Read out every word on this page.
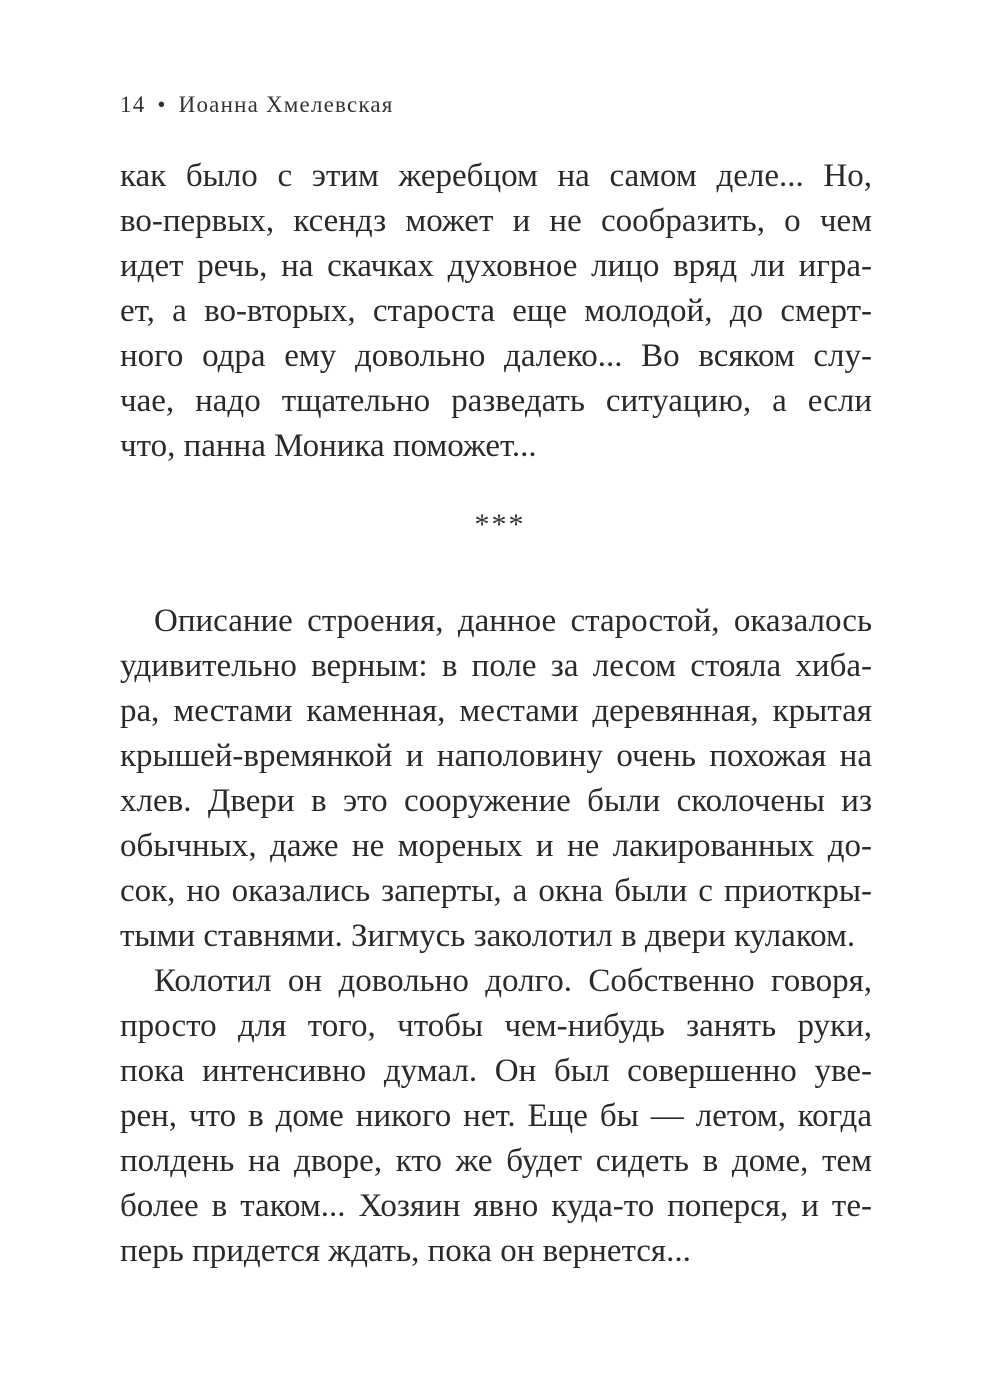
14 • Иоанна Хмелевская
как было с этим жеребцом на самом деле... Но,
во-первых, ксендз может и не сообразить, о чем
идет речь, на скачках духовное лицо вряд ли игра-
ет, а во-вторых, староста еще молодой, до смерт-
ного одра ему довольно далеко... Во всяком слу-
чае, надо тщательно разведать ситуацию, а если
что, панна Моника поможет...
***
Описание строения, данное старостой, оказалось
удивительно верным: в поле за лесом стояла хиба-
ра, местами каменная, местами деревянная, крытая
крышей-времянкой и наполовину очень похожая на
хлев. Двери в это сооружение были сколочены из
обычных, даже не мореных и не лакированных до-
сок, но оказались заперты, а окна были с приоткры-
тыми ставнями. Зигмусь заколотил в двери кулаком.
Колотил он довольно долго. Собственно говоря,
просто для того, чтобы чем-нибудь занять руки,
пока интенсивно думал. Он был совершенно уве-
рен, что в доме никого нет. Еще бы — летом, когда
полдень на дворе, кто же будет сидеть в доме, тем
более в таком... Хозяин явно куда-то поперся, и те-
перь придется ждать, пока он вернется...
